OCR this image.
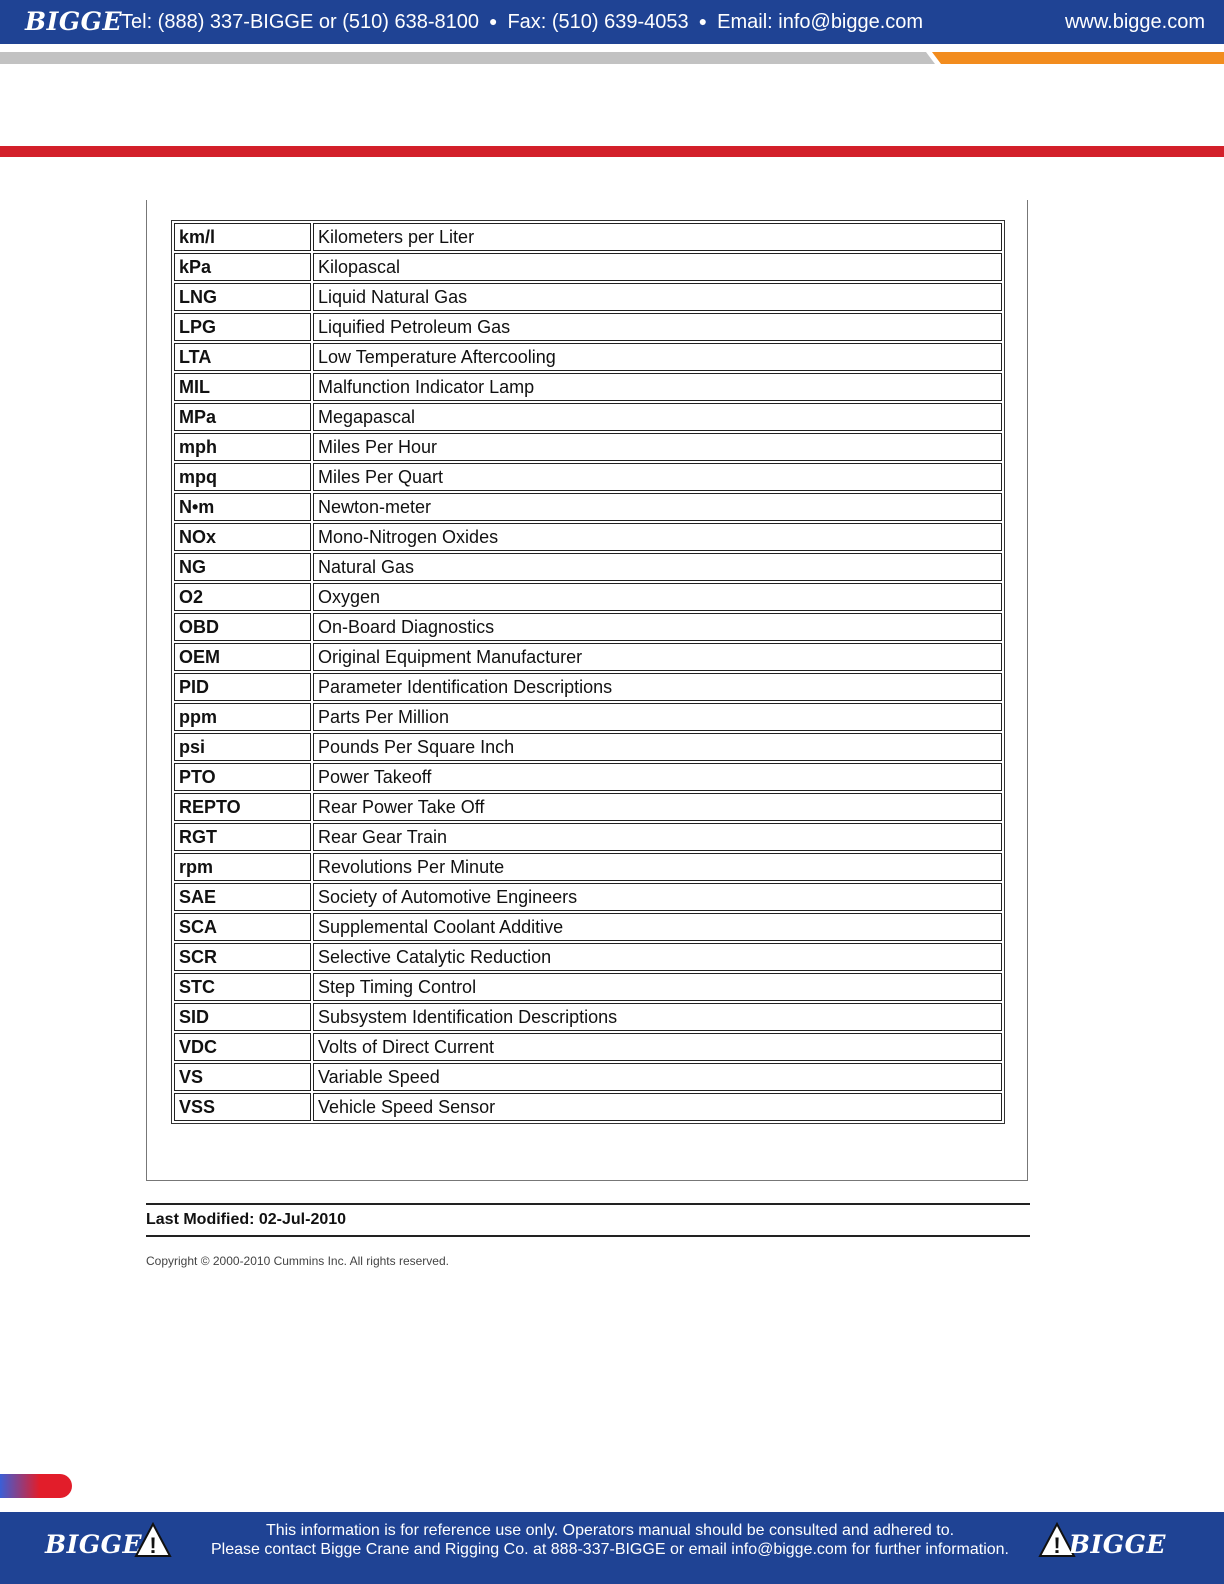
BIGGE
Tel: (888) 337-BIGGE or (510) 638-8100 ● Fax: (510) 639-4053 ● Email: info@bigge.com	www.bigge.com
km/l	Kilometers per Liter
kPa	Kilopascal
LNG	Liquid Natural Gas
LPG	Liquified Petroleum Gas
LTA	Low Temperature Aftercooling
MIL	Malfunction Indicator Lamp
MPa	Megapascal
mph	Miles Per Hour
mpq	Miles Per Quart
N•m	Newton-meter
NOx	Mono-Nitrogen Oxides
NG	Natural Gas
O2	Oxygen
OBD	On-Board Diagnostics
OEM	Original Equipment Manufacturer
PID	Parameter Identification Descriptions
ppm	Parts Per Million
psi	Pounds Per Square Inch
PTO	Power Takeoff
REPTO	Rear Power Take Off
RGT	Rear Gear Train
rpm	Revolutions Per Minute
SAE	Society of Automotive Engineers
SCA	Supplemental Coolant Additive
SCR	Selective Catalytic Reduction
STC	Step Timing Control
SID	Subsystem Identification Descriptions
VDC	Volts of Direct Current
VS	Variable Speed
VSS	Vehicle Speed Sensor
Last Modified: 02-Jul-2010
Copyright © 2000-2010 Cummins Inc. All rights reserved.
BIGGE !
This information is for reference use only. Operators manual should be consulted and adhered to.
Please contact Bigge Crane and Rigging Co. at 888-337-BIGGE or email info@bigge.com for further information.	! BIGGE
